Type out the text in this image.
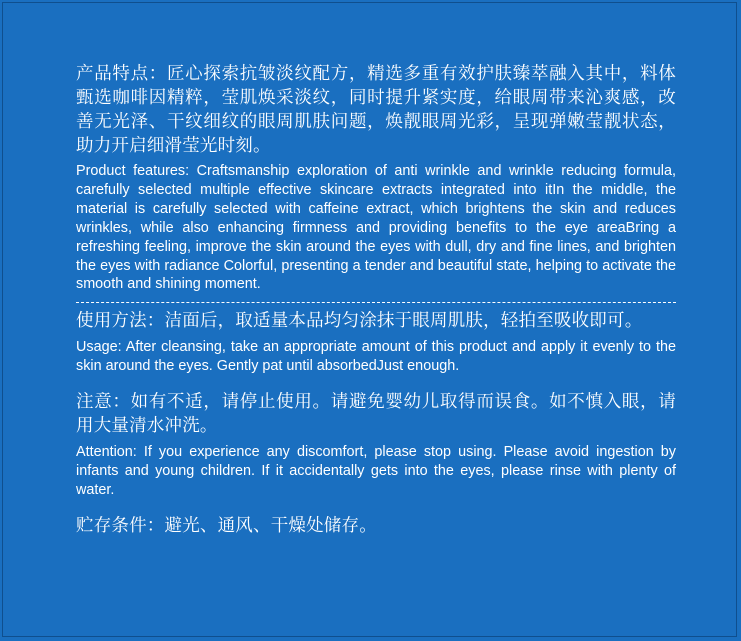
产品特点：匠心探索抗皱淡纹配方，精选多重有效护肤臻萃融入其中，料体甄选咖啡因精粹，莹肌焕采淡纹，同时提升紧实度，给眼周带来沁爽感，改善无光泽、干纹细纹的眼周肌肤问题，焕靓眼周光彩，呈现弹嫩莹靓状态，助力开启细滑莹光时刻。

Product features: Craftsmanship exploration of anti wrinkle and wrinkle reducing formula, carefully selected multiple effective skincare extracts integrated into itIn the middle, the material is carefully selected with caffeine extract, which brightens the skin and reduces wrinkles, while also enhancing firmness and providing benefits to the eye areaBring a refreshing feeling, improve the skin around the eyes with dull, dry and fine lines, and brighten the eyes with radiance Colorful, presenting a tender and beautiful state, helping to activate the smooth and shining moment.

使用方法：洁面后，取适量本品均匀涂抹于眼周肌肤，轻拍至吸收即可。

Usage: After cleansing, take an appropriate amount of this product and apply it evenly to the skin around the eyes. Gently pat until absorbedJust enough.

注意：如有不适，请停止使用。请避免婴幼儿取得而误食。如不慎入眼，请用大量清水冲洗。

Attention: If you experience any discomfort, please stop using. Please avoid ingestion by infants and young children. If it accidentally gets into the eyes, please rinse with plenty of water.

贮存条件：避光、通风、干燥处储存。
